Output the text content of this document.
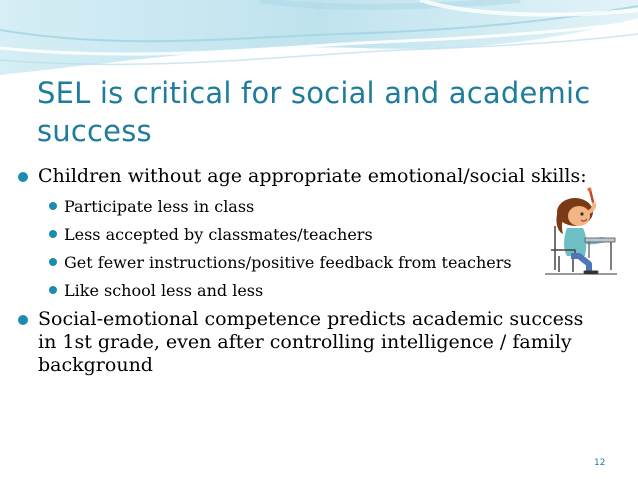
SEL is critical for social and academic success
Children without age appropriate emotional/social skills:
Participate less in class
Less accepted by classmates/teachers
Get fewer instructions/positive feedback from teachers
Like school less and less
Social-emotional competence predicts academic success in 1st grade, even after controlling intelligence / family background
12
